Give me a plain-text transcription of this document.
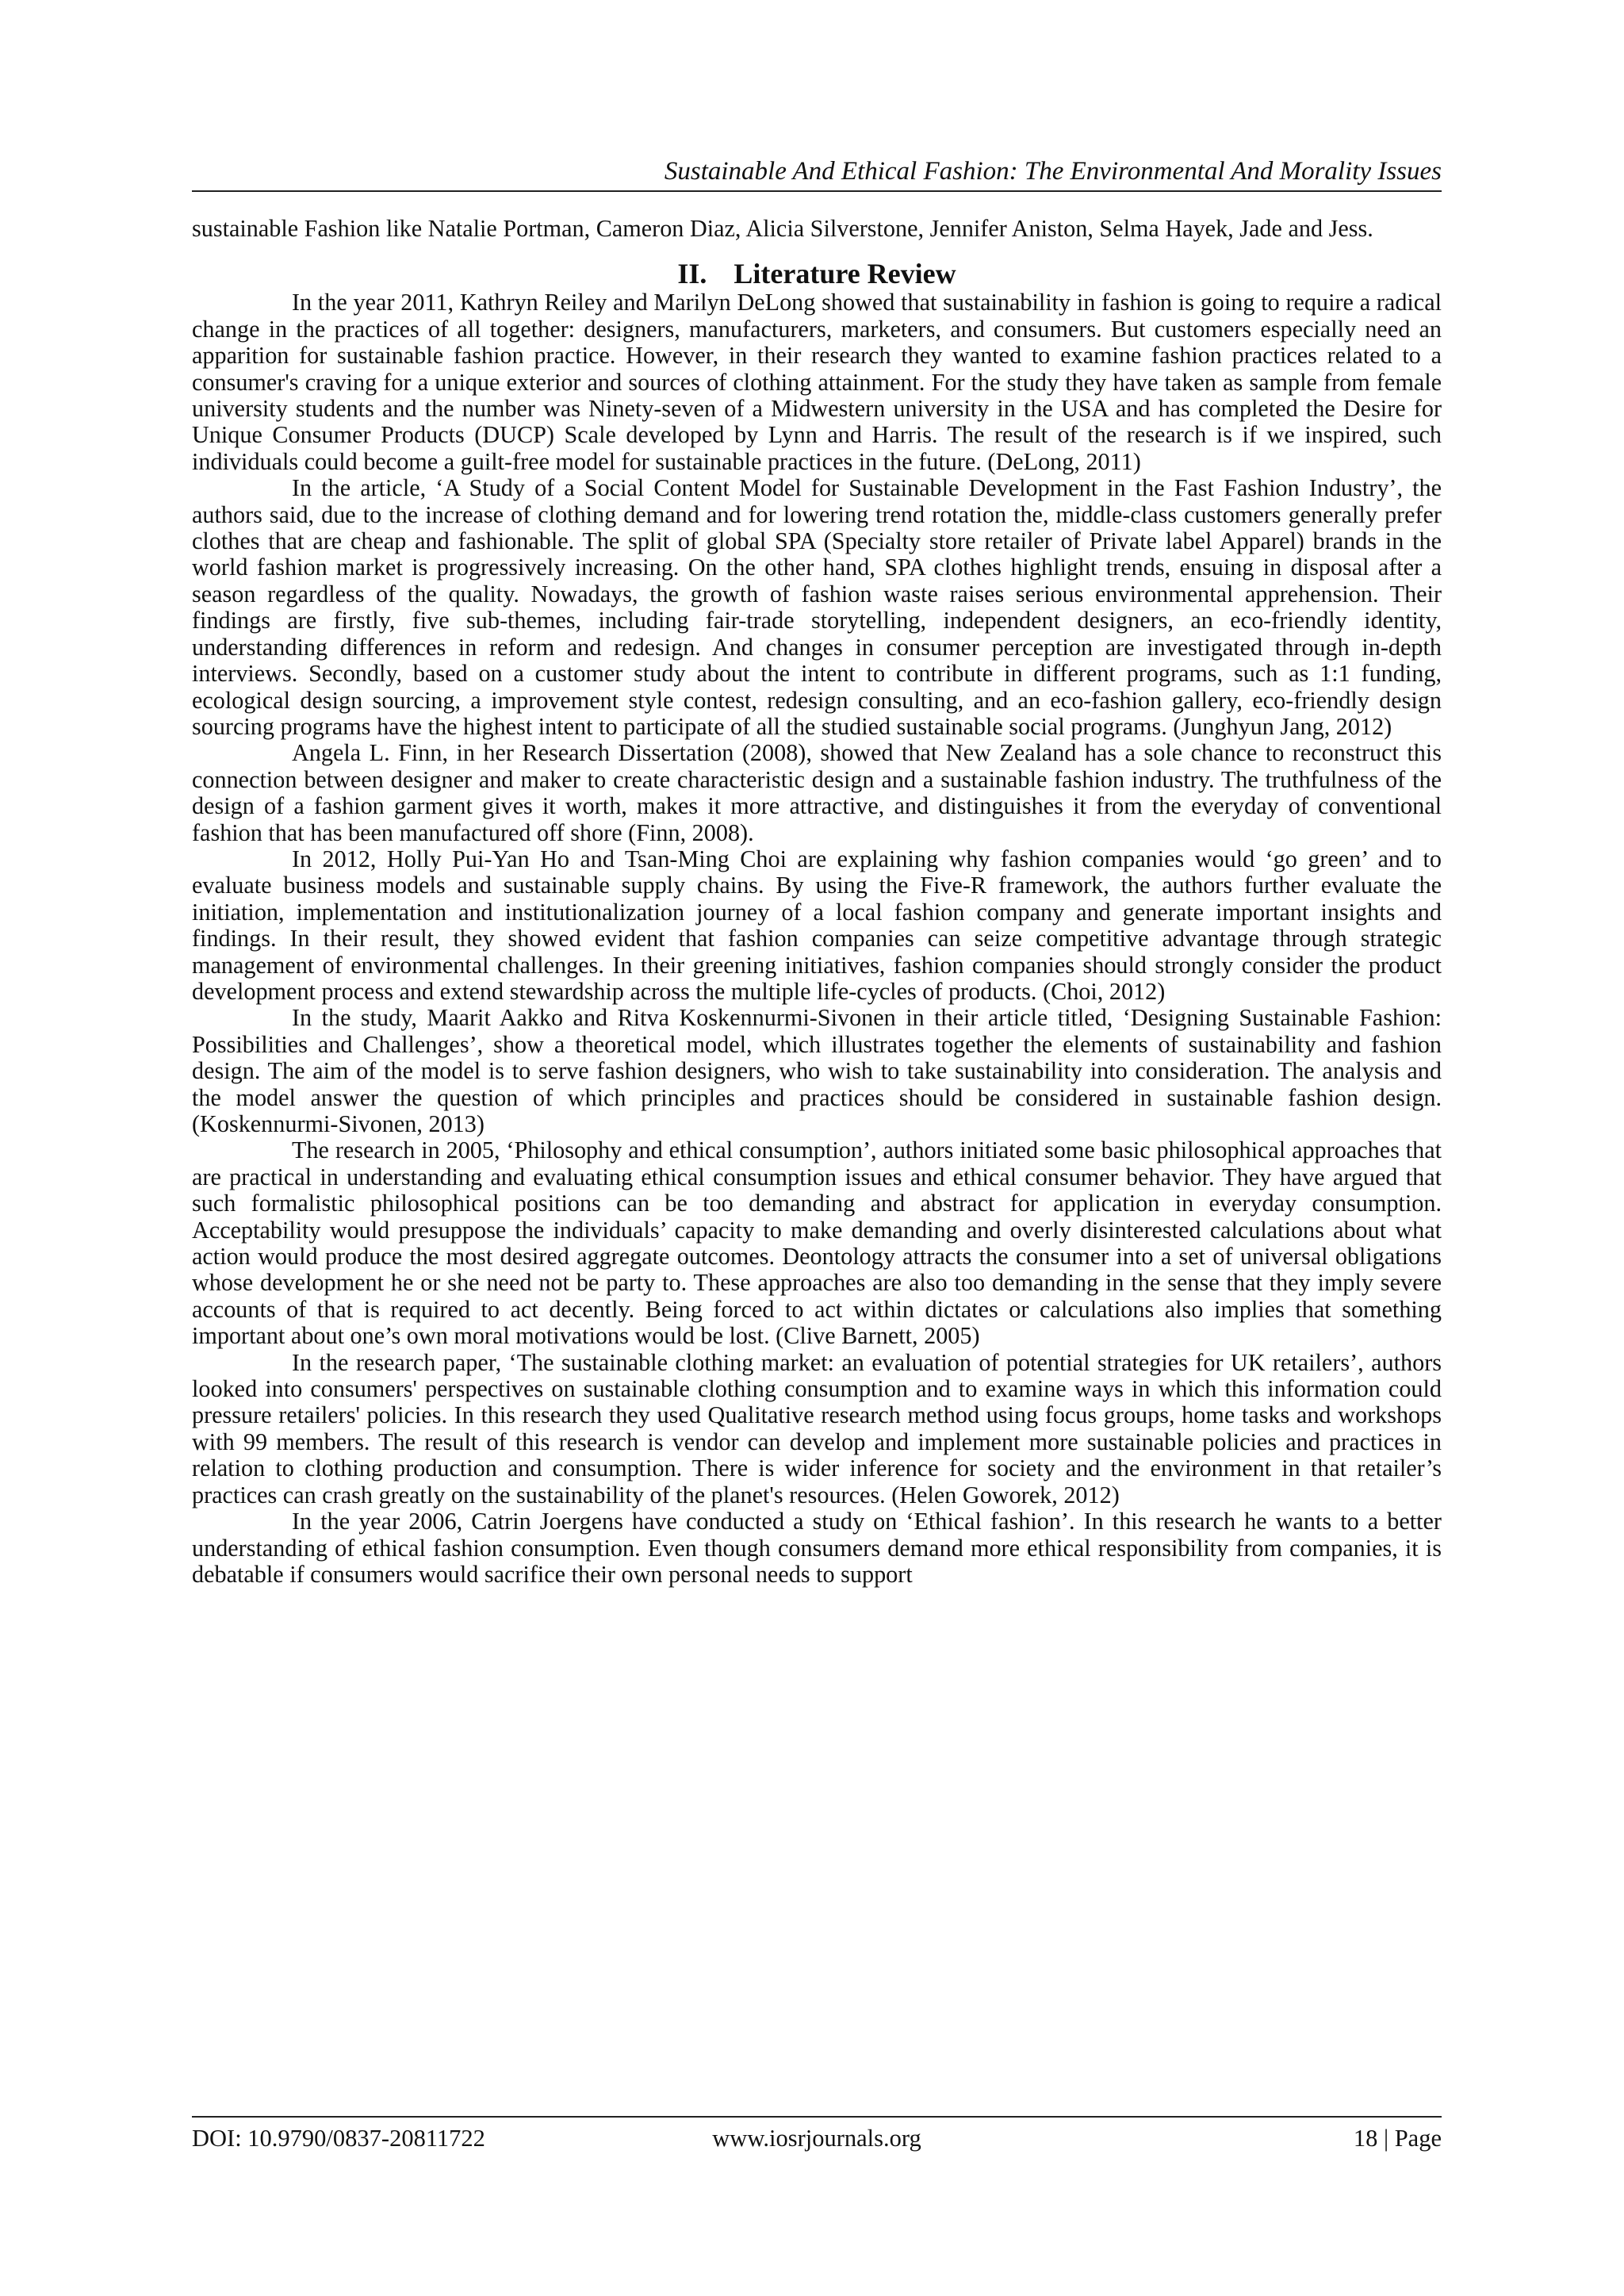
Sustainable And Ethical Fashion: The Environmental And Morality Issues

sustainable Fashion like Natalie Portman, Cameron Diaz, Alicia Silverstone, Jennifer Aniston, Selma Hayek, Jade and Jess.

II. Literature Review

In the year 2011, Kathryn Reiley and Marilyn DeLong showed that sustainability in fashion is going to require a radical change in the practices of all together: designers, manufacturers, marketers, and consumers. But customers especially need an apparition for sustainable fashion practice. However, in their research they wanted to examine fashion practices related to a consumer's craving for a unique exterior and sources of clothing attainment. For the study they have taken as sample from female university students and the number was Ninety-seven of a Midwestern university in the USA and has completed the Desire for Unique Consumer Products (DUCP) Scale developed by Lynn and Harris. The result of the research is if we inspired, such individuals could become a guilt-free model for sustainable practices in the future. (DeLong, 2011)

In the article, ‘A Study of a Social Content Model for Sustainable Development in the Fast Fashion Industry’, the authors said, due to the increase of clothing demand and for lowering trend rotation the, middle-class customers generally prefer clothes that are cheap and fashionable. The split of global SPA (Specialty store retailer of Private label Apparel) brands in the world fashion market is progressively increasing. On the other hand, SPA clothes highlight trends, ensuing in disposal after a season regardless of the quality. Nowadays, the growth of fashion waste raises serious environmental apprehension. Their findings are firstly, five sub-themes, including fair-trade storytelling, independent designers, an eco-friendly identity, understanding differences in reform and redesign. And changes in consumer perception are investigated through in-depth interviews. Secondly, based on a customer study about the intent to contribute in different programs, such as 1:1 funding, ecological design sourcing, a improvement style contest, redesign consulting, and an eco-fashion gallery, eco-friendly design sourcing programs have the highest intent to participate of all the studied sustainable social programs. (Junghyun Jang, 2012)

Angela L. Finn, in her Research Dissertation (2008), showed that New Zealand has a sole chance to reconstruct this connection between designer and maker to create characteristic design and a sustainable fashion industry. The truthfulness of the design of a fashion garment gives it worth, makes it more attractive, and distinguishes it from the everyday of conventional fashion that has been manufactured off shore (Finn, 2008).

In 2012, Holly Pui-Yan Ho and Tsan-Ming Choi are explaining why fashion companies would ‘go green’ and to evaluate business models and sustainable supply chains. By using the Five-R framework, the authors further evaluate the initiation, implementation and institutionalization journey of a local fashion company and generate important insights and findings. In their result, they showed evident that fashion companies can seize competitive advantage through strategic management of environmental challenges. In their greening initiatives, fashion companies should strongly consider the product development process and extend stewardship across the multiple life-cycles of products. (Choi, 2012)

In the study, Maarit Aakko and Ritva Koskennurmi-Sivonen in their article titled, ‘Designing Sustainable Fashion: Possibilities and Challenges’, show a theoretical model, which illustrates together the elements of sustainability and fashion design. The aim of the model is to serve fashion designers, who wish to take sustainability into consideration. The analysis and the model answer the question of which principles and practices should be considered in sustainable fashion design.(Koskennurmi-Sivonen, 2013)

The research in 2005, ‘Philosophy and ethical consumption’, authors initiated some basic philosophical approaches that are practical in understanding and evaluating ethical consumption issues and ethical consumer behavior. They have argued that such formalistic philosophical positions can be too demanding and abstract for application in everyday consumption. Acceptability would presuppose the individuals’ capacity to make demanding and overly disinterested calculations about what action would produce the most desired aggregate outcomes. Deontology attracts the consumer into a set of universal obligations whose development he or she need not be party to. These approaches are also too demanding in the sense that they imply severe accounts of that is required to act decently. Being forced to act within dictates or calculations also implies that something important about one’s own moral motivations would be lost. (Clive Barnett, 2005)

In the research paper, ‘The sustainable clothing market: an evaluation of potential strategies for UK retailers’, authors looked into consumers' perspectives on sustainable clothing consumption and to examine ways in which this information could pressure retailers' policies. In this research they used Qualitative research method using focus groups, home tasks and workshops with 99 members. The result of this research is vendor can develop and implement more sustainable policies and practices in relation to clothing production and consumption. There is wider inference for society and the environment in that retailer’s practices can crash greatly on the sustainability of the planet's resources. (Helen Goworek, 2012)

In the year 2006, Catrin Joergens have conducted a study on ‘Ethical fashion’. In this research he wants to a better understanding of ethical fashion consumption. Even though consumers demand more ethical responsibility from companies, it is debatable if consumers would sacrifice their own personal needs to support

www.iosrjournals.org
DOI: 10.9790/0837-20811722	18 | Page
